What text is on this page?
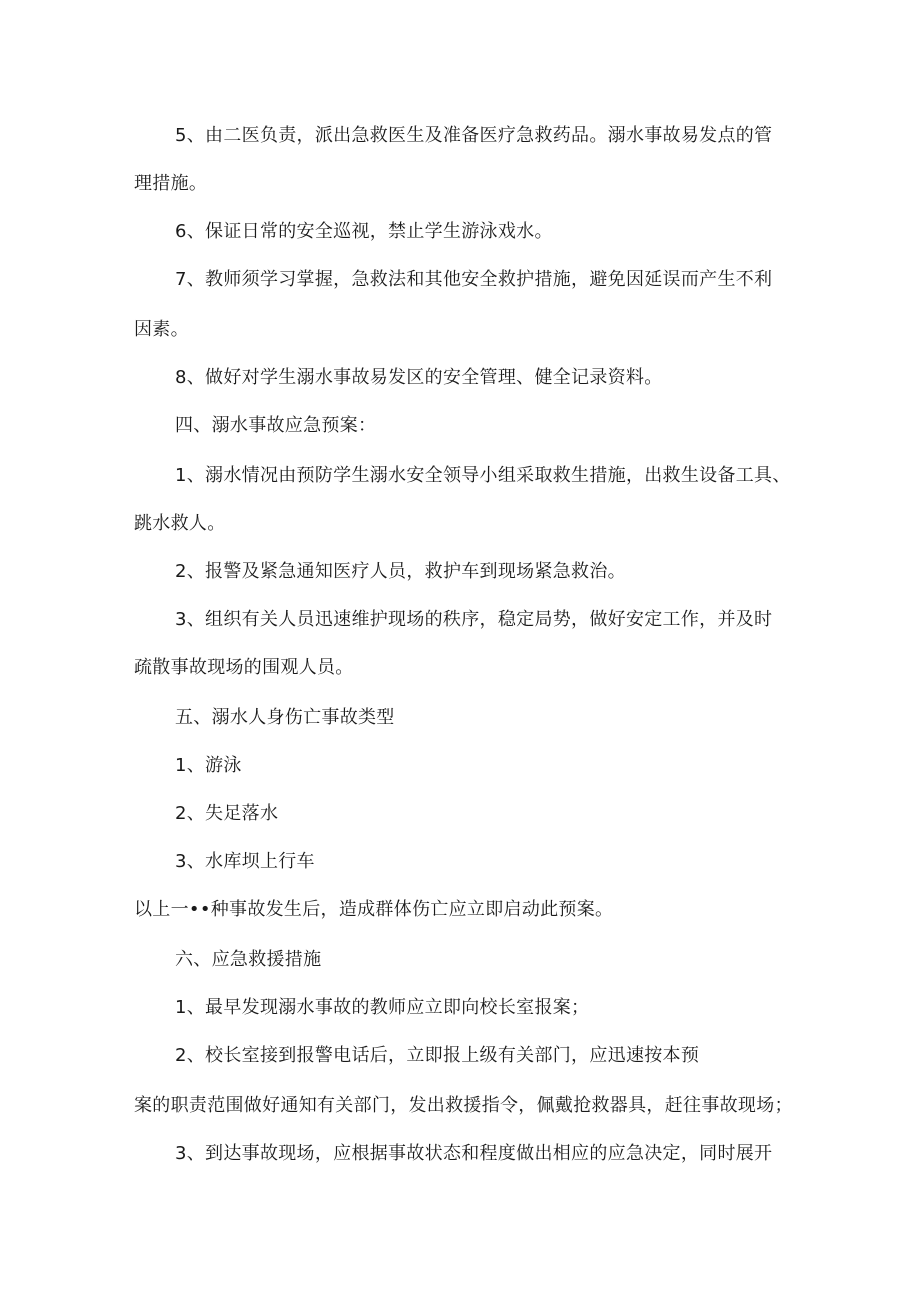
5、由二医负责，派出急救医生及准备医疗急救药品。溺水事故易发点的管
理措施。
6、保证日常的安全巡视，禁止学生游泳戏水。
7、教师须学习掌握，急救法和其他安全救护措施，避免因延误而产生不利
因素。
8、做好对学生溺水事故易发区的安全管理、健全记录资料。
四、溺水事故应急预案：
1、溺水情况由预防学生溺水安全领导小组采取救生措施，出救生设备工具、
跳水救人。
2、报警及紧急通知医疗人员，救护车到现场紧急救治。
3、组织有关人员迅速维护现场的秩序，稳定局势，做好安定工作，并及时
疏散事故现场的围观人员。
五、溺水人身伤亡事故类型
1、游泳
2、失足落水
3、水库坝上行车
以上一••种事故发生后，造成群体伤亡应立即启动此预案。
六、应急救援措施
1、最早发现溺水事故的教师应立即向校长室报案；
2、校长室接到报警电话后，立即报上级有关部门，应迅速按本预
案的职责范围做好通知有关部门，发出救援指令，佩戴抢救器具，赶往事故现场；
3、到达事故现场，应根据事故状态和程度做出相应的应急决定，同时展开
